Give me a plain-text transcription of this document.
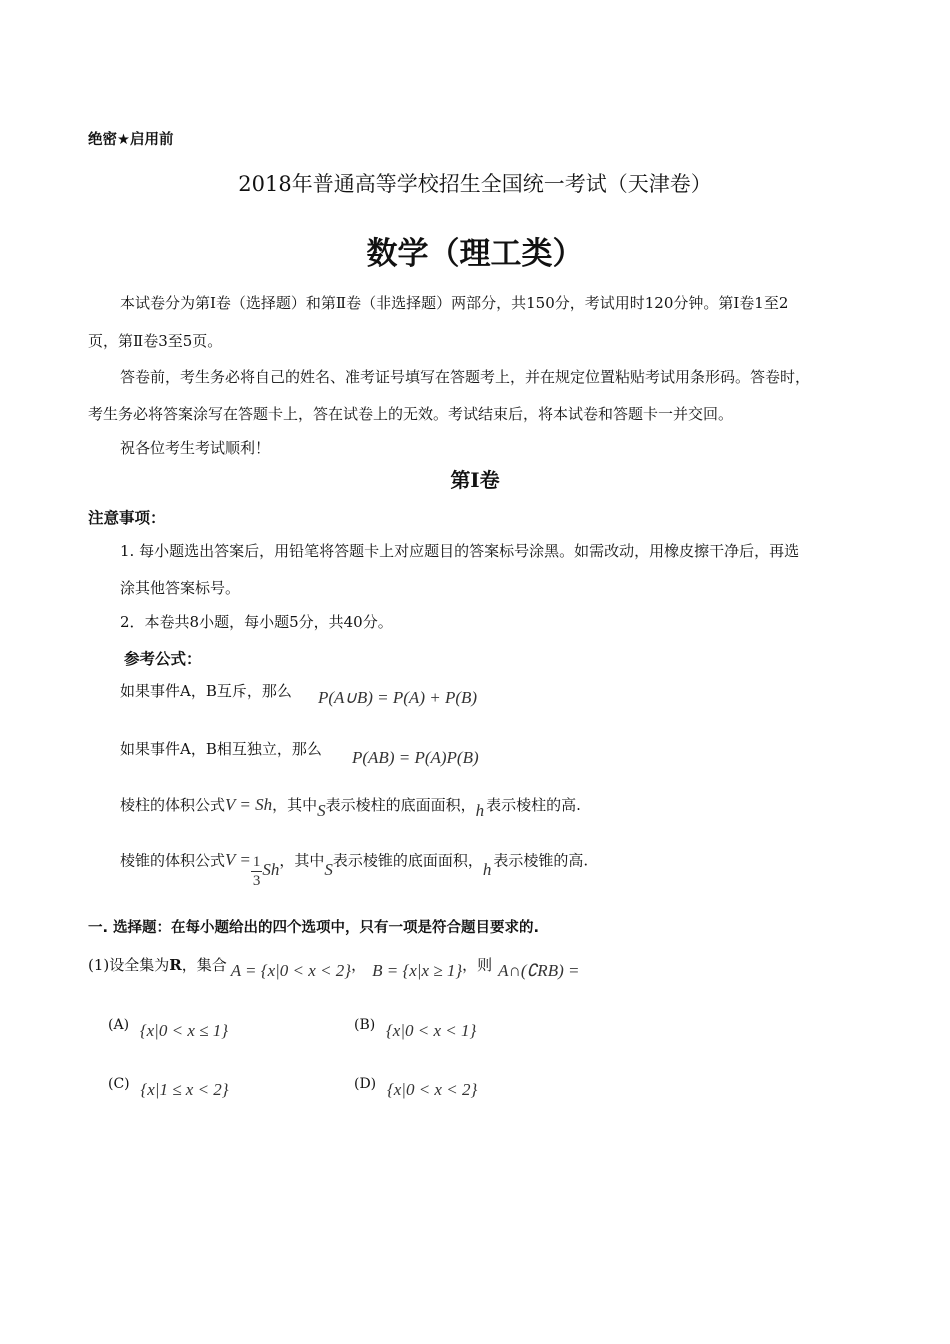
绝密★启用前
2018年普通高等学校招生全国统一考试（天津卷）
数学（理工类）
本试卷分为第Ⅰ卷（选择题）和第Ⅱ卷（非选择题）两部分，共150分，考试用时120分钟。第Ⅰ卷1至2
页，第Ⅱ卷3至5页。
答卷前，考生务必将自己的姓名、准考证号填写在答题考上，并在规定位置粘贴考试用条形码。答卷时，
考生务必将答案涂写在答题卡上，答在试卷上的无效。考试结束后，将本试卷和答题卡一并交回。
祝各位考生考试顺利！
第Ⅰ卷
注意事项：
1. 每小题选出答案后，用铅笔将答题卡上对应题目的答案标号涂黑。如需改动，用橡皮擦干净后，再选
涂其他答案标号。
2．本卷共8小题，每小题5分，共40分。
参考公式：
如果事件A，B互斥，那么 P(A∪B) = P(A) + P(B)
如果事件A，B相互独立，那么 P(AB) = P(A)P(B)
棱柱的体积公式V = Sh，其中S表示棱柱的底面面积，h 表示棱柱的高.
棱锥的体积公式$V = \frac{1}{3}$ Sh，其中S表示棱锥的底面面积，h 表示棱锥的高.
一. 选择题：在每小题给出的四个选项中，只有一项是符合题目要求的.
(1)设全集为R，集合 A = {x|0 < x < 2}， B = {x|x ≥ 1}，则 A∩(∁RB) =
(A) {x|0 < x ≤ 1}	(B) {x|0 < x < 1}
(C) {x|1 ≤ x < 2}	(D) {x|0 < x < 2}
